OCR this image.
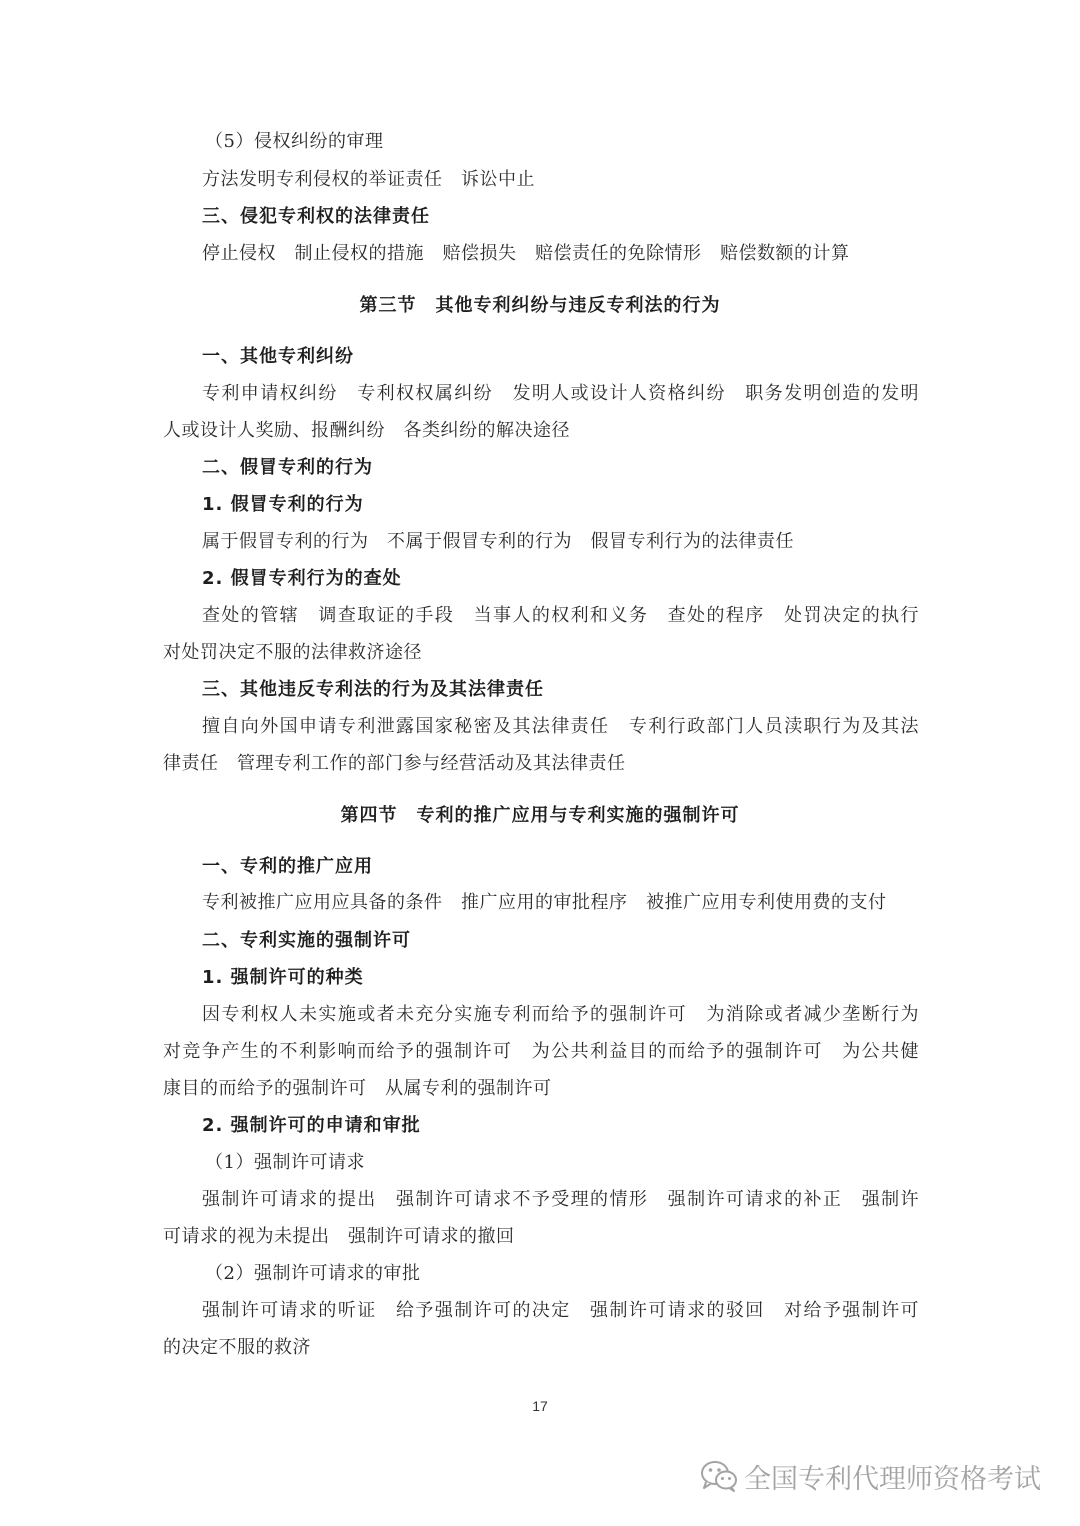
（5）侵权纠纷的审理
方法发明专利侵权的举证责任　诉讼中止
三、侵犯专利权的法律责任
停止侵权　制止侵权的措施　赔偿损失　赔偿责任的免除情形　赔偿数额的计算
第三节　其他专利纠纷与违反专利法的行为
一、其他专利纠纷
专利申请权纠纷　专利权权属纠纷　发明人或设计人资格纠纷　职务发明创造的发明
人或设计人奖励、报酬纠纷　各类纠纷的解决途径
二、假冒专利的行为
1. 假冒专利的行为
属于假冒专利的行为　不属于假冒专利的行为　假冒专利行为的法律责任
2. 假冒专利行为的查处
查处的管辖　调查取证的手段　当事人的权利和义务　查处的程序　处罚决定的执行
对处罚决定不服的法律救济途径
三、其他违反专利法的行为及其法律责任
擅自向外国申请专利泄露国家秘密及其法律责任　专利行政部门人员渎职行为及其法
律责任　管理专利工作的部门参与经营活动及其法律责任
第四节　专利的推广应用与专利实施的强制许可
一、专利的推广应用
专利被推广应用应具备的条件　推广应用的审批程序　被推广应用专利使用费的支付
二、专利实施的强制许可
1. 强制许可的种类
因专利权人未实施或者未充分实施专利而给予的强制许可　为消除或者减少垄断行为
对竞争产生的不利影响而给予的强制许可　为公共利益目的而给予的强制许可　为公共健
康目的而给予的强制许可　从属专利的强制许可
2. 强制许可的申请和审批
（1）强制许可请求
强制许可请求的提出　强制许可请求不予受理的情形　强制许可请求的补正　强制许
可请求的视为未提出　强制许可请求的撤回
（2）强制许可请求的审批
强制许可请求的听证　给予强制许可的决定　强制许可请求的驳回　对给予强制许可
的决定不服的救济
17
全国专利代理师资格考试
